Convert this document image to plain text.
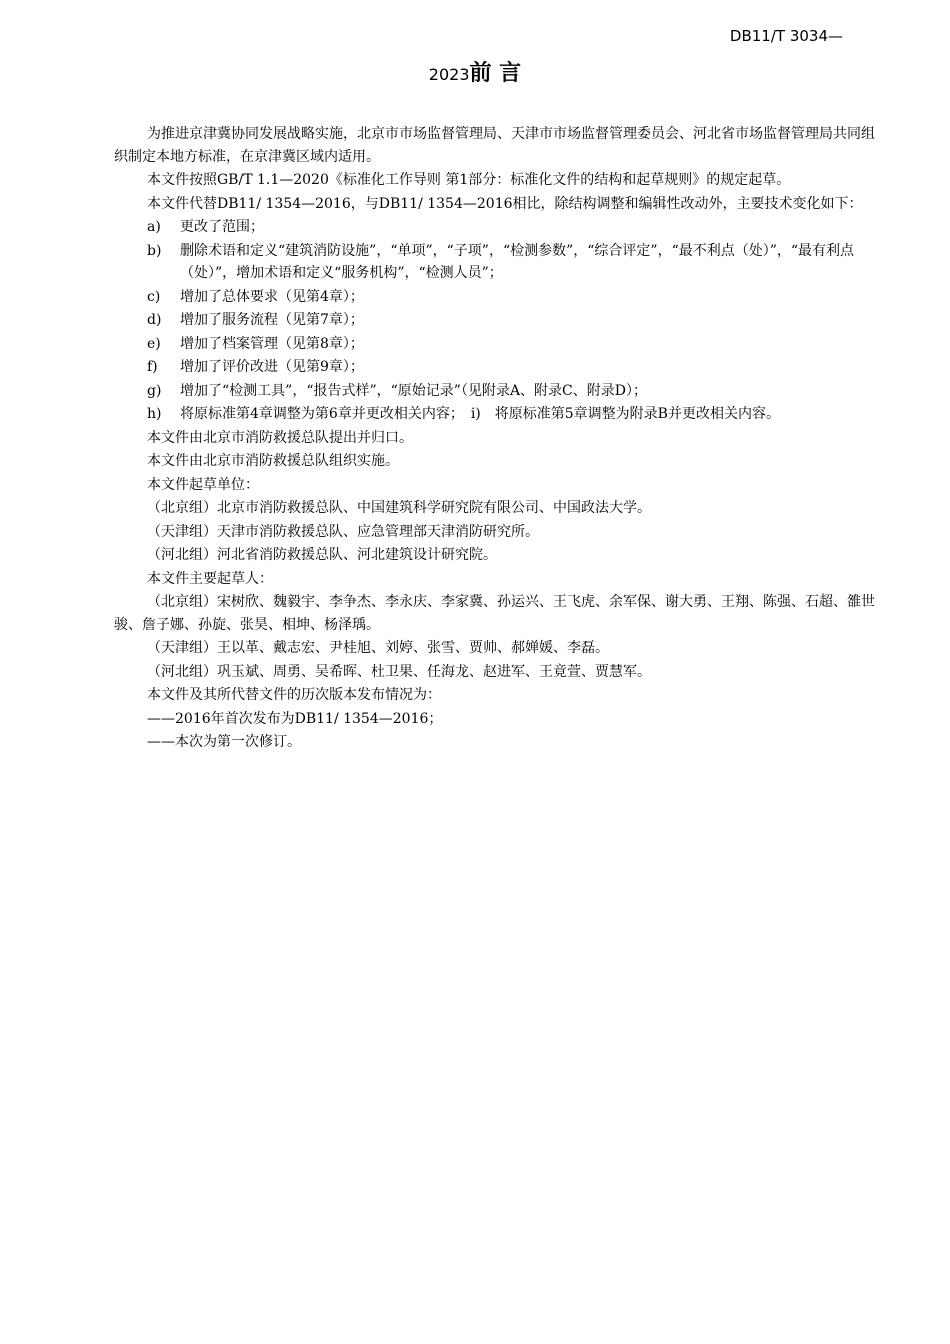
DB11/T 3034—
2023前 言

为推进京津冀协同发展战略实施，北京市市场监督管理局、天津市市场监督管理委员会、河北省市场监督管理局共同组织制定本地方标准，在京津冀区域内适用。

本文件按照GB/T 1.1—2020《标准化工作导则 第1部分：标准化文件的结构和起草规则》的规定起草。

本文件代替DB11/ 1354—2016，与DB11/ 1354—2016相比，除结构调整和编辑性改动外，主要技术变化如下：

a) 更改了范围；
b) 删除术语和定义“建筑消防设施”，“单项”，“子项”，“检测参数”，“综合评定”，“最不利点（处）”，“最有利点（处）”，增加术语和定义“服务机构”，“检测人员”；
c) 增加了总体要求（见第4章）；
d) 增加了服务流程（见第7章）；
e) 增加了档案管理（见第8章）；
f) 增加了评价改进（见第9章）；
g) 增加了“检测工具”，“报告式样”，“原始记录”（见附录A、附录C、附录D）；
h) 将原标准第4章调整为第6章并更改相关内容；　i)　将原标准第5章调整为附录B并更改相关内容。

本文件由北京市消防救援总队提出并归口。

本文件由北京市消防救援总队组织实施。

本文件起草单位：

（北京组）北京市消防救援总队、中国建筑科学研究院有限公司、中国政法大学。

（天津组）天津市消防救援总队、应急管理部天津消防研究所。

（河北组）河北省消防救援总队、河北建筑设计研究院。

本文件主要起草人：

（北京组）宋树欣、魏毅宇、李争杰、李永庆、李家冀、孙运兴、王飞虎、余军保、谢大勇、王翔、陈强、石超、雒世骏、詹子娜、孙旋、张昊、相坤、杨泽瑀。

（天津组）王以革、戴志宏、尹桂旭、刘婷、张雪、贾帅、郝婵媛、李磊。

（河北组）巩玉斌、周勇、吴希晖、杜卫果、任海龙、赵进军、王竟萱、贾慧军。

本文件及其所代替文件的历次版本发布情况为：

——2016年首次发布为DB11/ 1354—2016；
——本次为第一次修订。
